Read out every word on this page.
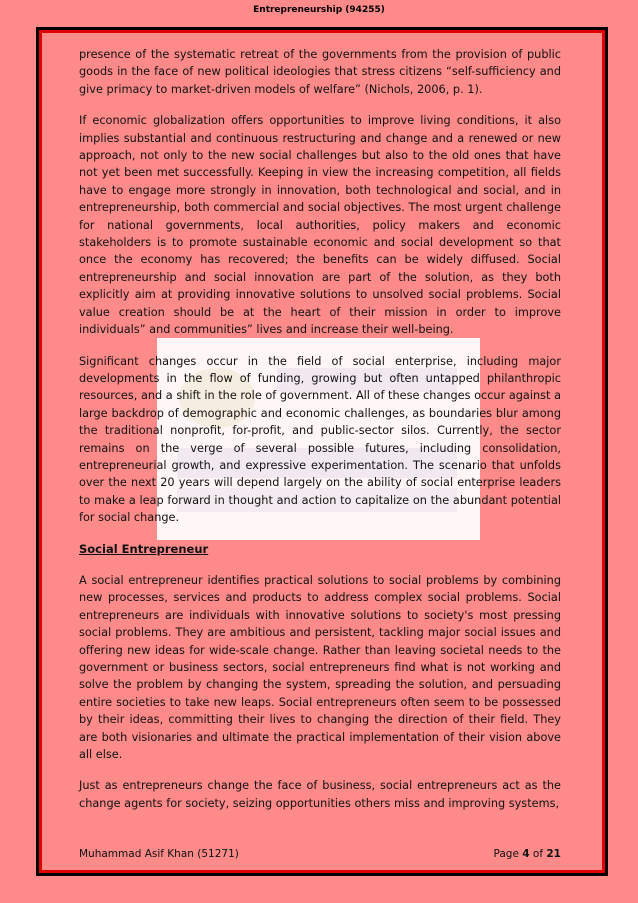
Entrepreneurship (94255)

presence of the systematic retreat of the governments from the provision of public goods in the face of new political ideologies that stress citizens “self-sufficiency and give primacy to market-driven models of welfare” (Nichols, 2006, p. 1).

If economic globalization offers opportunities to improve living conditions, it also implies substantial and continuous restructuring and change and a renewed or new approach, not only to the new social challenges but also to the old ones that have not yet been met successfully. Keeping in view the increasing competition, all fields have to engage more strongly in innovation, both technological and social, and in entrepreneurship, both commercial and social objectives. The most urgent challenge for national governments, local authorities, policy makers and economic stakeholders is to promote sustainable economic and social development so that once the economy has recovered; the benefits can be widely diffused. Social entrepreneurship and social innovation are part of the solution, as they both explicitly aim at providing innovative solutions to unsolved social problems. Social value creation should be at the heart of their mission in order to improve individuals” and communities” lives and increase their well-being.

Significant changes occur in the field of social enterprise, including major developments in the flow of funding, growing but often untapped philanthropic resources, and a shift in the role of government. All of these changes occur against a large backdrop of demographic and economic challenges, as boundaries blur among the traditional nonprofit, for-profit, and public-sector silos. Currently, the sector remains on the verge of several possible futures, including consolidation, entrepreneurial growth, and expressive experimentation. The scenario that unfolds over the next 20 years will depend largely on the ability of social enterprise leaders to make a leap forward in thought and action to capitalize on the abundant potential for social change.

Social Entrepreneur

A social entrepreneur identifies practical solutions to social problems by combining new processes, services and products to address complex social problems. Social entrepreneurs are individuals with innovative solutions to society's most pressing social problems. They are ambitious and persistent, tackling major social issues and offering new ideas for wide-scale change. Rather than leaving societal needs to the government or business sectors, social entrepreneurs find what is not working and solve the problem by changing the system, spreading the solution, and persuading entire societies to take new leaps. Social entrepreneurs often seem to be possessed by their ideas, committing their lives to changing the direction of their field. They are both visionaries and ultimate the practical implementation of their vision above all else.

Just as entrepreneurs change the face of business, social entrepreneurs act as the change agents for society, seizing opportunities others miss and improving systems,

Muhammad Asif Khan (51271)	Page 4 of 21
